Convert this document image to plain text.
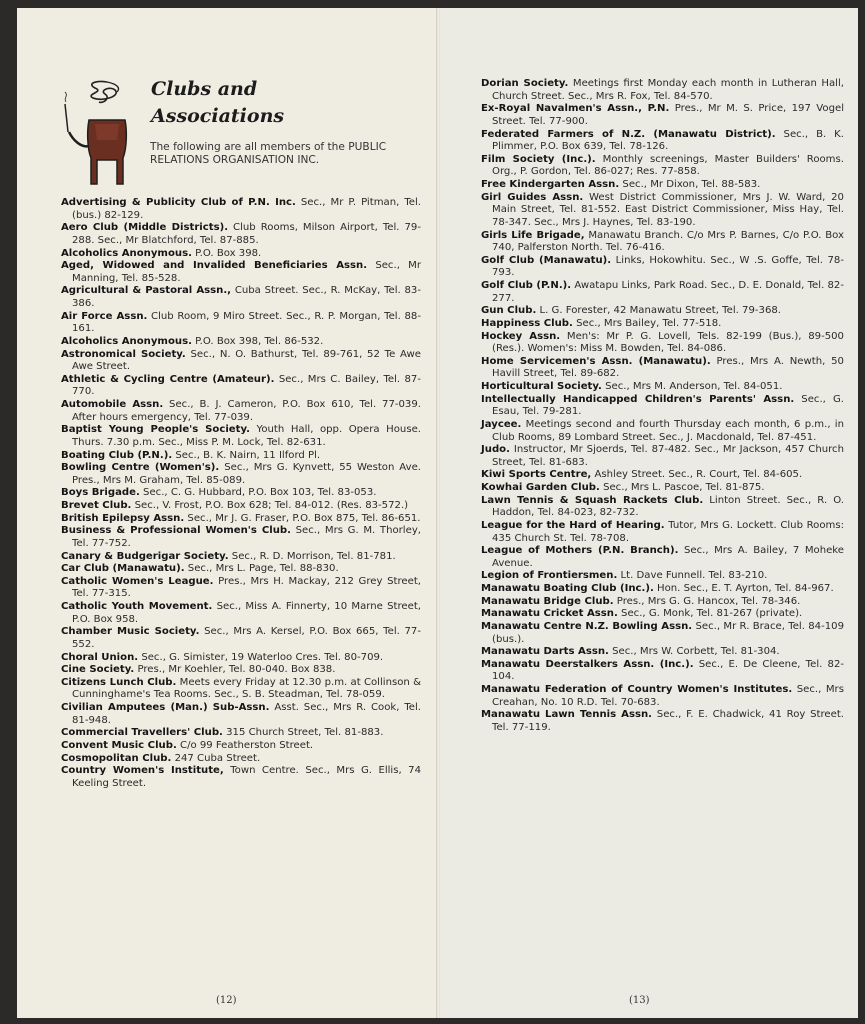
Clubs and
Associations
The following are all members of the PUBLIC RELATIONS ORGANISATION INC.
Advertising & Publicity Club of P.N. Inc. Sec., Mr P. Pitman, Tel. (bus.) 82-129.
Aero Club (Middle Districts). Club Rooms, Milson Airport, Tel. 79-288. Sec., Mr Blatchford, Tel. 87-885.
Alcoholics Anonymous. P.O. Box 398.
Aged, Widowed and Invalided Beneficiaries Assn. Sec., Mr Manning, Tel. 85-528.
Agricultural & Pastoral Assn., Cuba Street. Sec., R. McKay, Tel. 83-386.
Air Force Assn. Club Room, 9 Miro Street. Sec., R. P. Morgan, Tel. 88-161.
Alcoholics Anonymous. P.O. Box 398, Tel. 86-532.
Astronomical Society. Sec., N. O. Bathurst, Tel. 89-761, 52 Te Awe Awe Street.
Athletic & Cycling Centre (Amateur). Sec., Mrs C. Bailey, Tel. 87-770.
Automobile Assn. Sec., B. J. Cameron, P.O. Box 610, Tel. 77-039. After hours emergency, Tel. 77-039.
Baptist Young People's Society. Youth Hall, opp. Opera House. Thurs. 7.30 p.m. Sec., Miss P. M. Lock, Tel. 82-631.
Boating Club (P.N.). Sec., B. K. Nairn, 11 Ilford Pl.
Bowling Centre (Women's). Sec., Mrs G. Kynvett, 55 Weston Ave. Pres., Mrs M. Graham, Tel. 85-089.
Boys Brigade. Sec., C. G. Hubbard, P.O. Box 103, Tel. 83-053.
Brevet Club. Sec., V. Frost, P.O. Box 628; Tel. 84-012. (Res. 83-572.)
British Epilepsy Assn. Sec., Mr J. G. Fraser, P.O. Box 875, Tel. 86-651.
Business & Professional Women's Club. Sec., Mrs G. M. Thorley, Tel. 77-752.
Canary & Budgerigar Society. Sec., R. D. Morrison, Tel. 81-781.
Car Club (Manawatu). Sec., Mrs L. Page, Tel. 88-830.
Catholic Women's League. Pres., Mrs H. Mackay, 212 Grey Street, Tel. 77-315.
Catholic Youth Movement. Sec., Miss A. Finnerty, 10 Marne Street, P.O. Box 958.
Chamber Music Society. Sec., Mrs A. Kersel, P.O. Box 665, Tel. 77-552.
Choral Union. Sec., G. Simister, 19 Waterloo Cres. Tel. 80-709.
Cine Society. Pres., Mr Koehler, Tel. 80-040. Box 838.
Citizens Lunch Club. Meets every Friday at 12.30 p.m. at Collinson & Cunninghame's Tea Rooms. Sec., S. B. Steadman, Tel. 78-059.
Civilian Amputees (Man.) Sub-Assn. Asst. Sec., Mrs R. Cook, Tel. 81-948.
Commercial Travellers' Club. 315 Church Street, Tel. 81-883.
Convent Music Club. C/o 99 Featherston Street.
Cosmopolitan Club. 247 Cuba Street.
Country Women's Institute, Town Centre. Sec., Mrs G. Ellis, 74 Keeling Street.
(12)
Dorian Society. Meetings first Monday each month in Lutheran Hall, Church Street. Sec., Mrs R. Fox, Tel. 84-570.
Ex-Royal Navalmen's Assn., P.N. Pres., Mr M. S. Price, 197 Vogel Street. Tel. 77-900.
Federated Farmers of N.Z. (Manawatu District). Sec., B. K. Plimmer, P.O. Box 639, Tel. 78-126.
Film Society (Inc.). Monthly screenings, Master Builders' Rooms. Org., P. Gordon, Tel. 86-027; Res. 77-858.
Free Kindergarten Assn. Sec., Mr Dixon, Tel. 88-583.
Girl Guides Assn. West District Commissioner, Mrs J. W. Ward, 20 Main Street, Tel. 81-552. East District Commissioner, Miss Hay, Tel. 78-347. Sec., Mrs J. Haynes, Tel. 83-190.
Girls Life Brigade, Manawatu Branch. C/o Mrs P. Barnes, C/o P.O. Box 740, Palferston North. Tel. 76-416.
Golf Club (Manawatu). Links, Hokowhitu. Sec., W .S. Goffe, Tel. 78-793.
Golf Club (P.N.). Awatapu Links, Park Road. Sec., D. E. Donald, Tel. 82-277.
Gun Club. L. G. Forester, 42 Manawatu Street, Tel. 79-368.
Happiness Club. Sec., Mrs Bailey, Tel. 77-518.
Hockey Assn. Men's: Mr P. G. Lovell, Tels. 82-199 (Bus.), 89-500 (Res.). Women's: Miss M. Bowden, Tel. 84-086.
Home Servicemen's Assn. (Manawatu). Pres., Mrs A. Newth, 50 Havill Street, Tel. 89-682.
Horticultural Society. Sec., Mrs M. Anderson, Tel. 84-051.
Intellectually Handicapped Children's Parents' Assn. Sec., G. Esau, Tel. 79-281.
Jaycee. Meetings second and fourth Thursday each month, 6 p.m., in Club Rooms, 89 Lombard Street. Sec., J. Macdonald, Tel. 87-451.
Judo. Instructor, Mr Sjoerds, Tel. 87-482. Sec., Mr Jackson, 457 Church Street, Tel. 81-683.
Kiwi Sports Centre, Ashley Street. Sec., R. Court, Tel. 84-605.
Kowhai Garden Club. Sec., Mrs L. Pascoe, Tel. 81-875.
Lawn Tennis & Squash Rackets Club. Linton Street. Sec., R. O. Haddon, Tel. 84-023, 82-732.
League for the Hard of Hearing. Tutor, Mrs G. Lockett. Club Rooms: 435 Church St. Tel. 78-708.
League of Mothers (P.N. Branch). Sec., Mrs A. Bailey, 7 Moheke Avenue.
Legion of Frontiersmen. Lt. Dave Funnell. Tel. 83-210.
Manawatu Boating Club (Inc.). Hon. Sec., E. T. Ayrton, Tel. 84-967.
Manawatu Bridge Club. Pres., Mrs G. G. Hancox, Tel. 78-346.
Manawatu Cricket Assn. Sec., G. Monk, Tel. 81-267 (private).
Manawatu Centre N.Z. Bowling Assn. Sec., Mr R. Brace, Tel. 84-109 (bus.).
Manawatu Darts Assn. Sec., Mrs W. Corbett, Tel. 81-304.
Manawatu Deerstalkers Assn. (Inc.). Sec., E. De Cleene, Tel. 82-104.
Manawatu Federation of Country Women's Institutes. Sec., Mrs Creahan, No. 10 R.D. Tel. 70-683.
Manawatu Lawn Tennis Assn. Sec., F. E. Chadwick, 41 Roy Street. Tel. 77-119.
(13)
